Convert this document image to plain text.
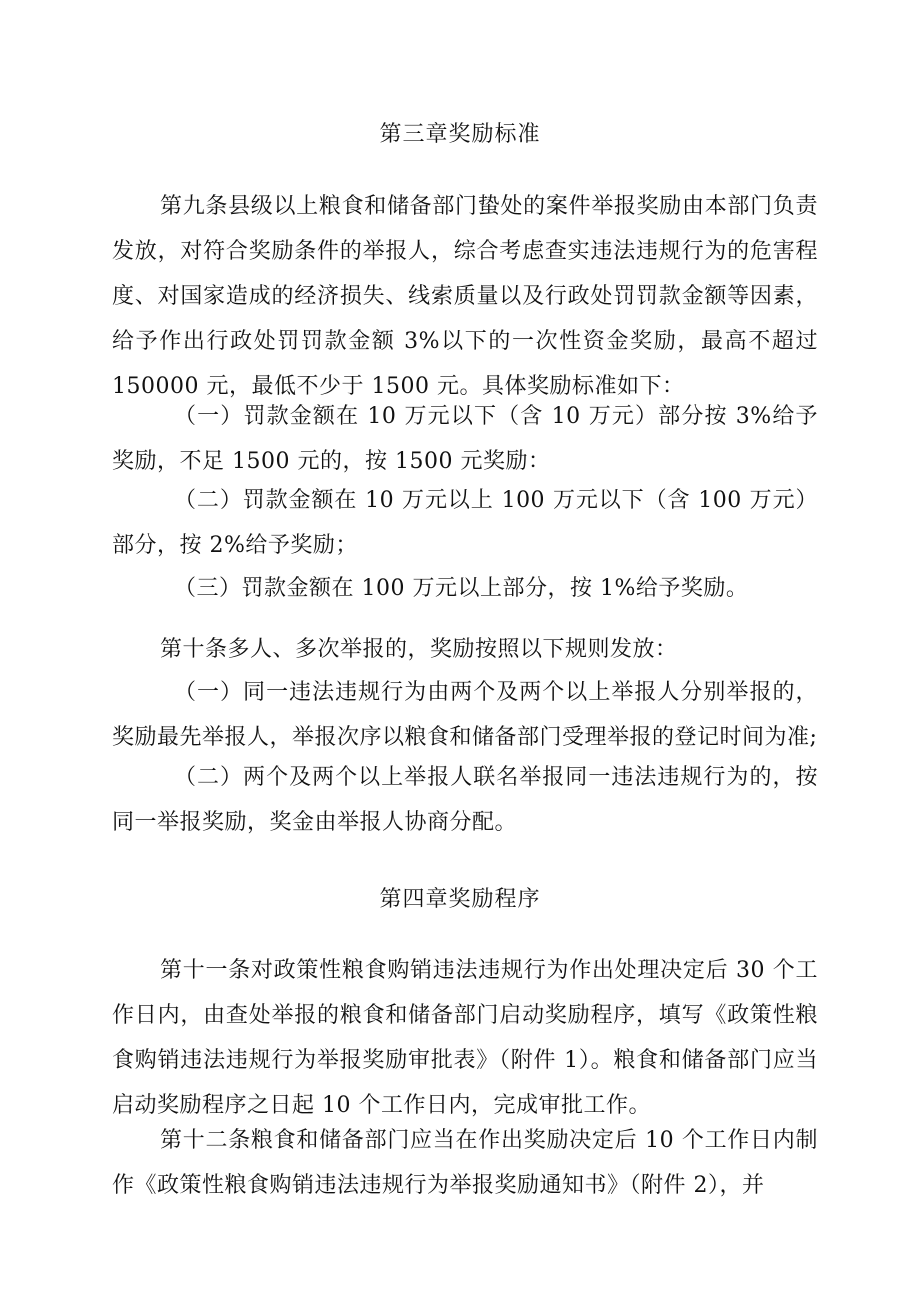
第三章奖励标准
第九条县级以上粮食和储备部门蛰处的案件举报奖励由本部门负责发放，对符合奖励条件的举报人，综合考虑查实违法违规行为的危害程度、对国家造成的经济损失、线索质量以及行政处罚罚款金额等因素，给予作出行政处罚罚款金额 3%以下的一次性资金奖励，最高不超过150000 元，最低不少于 1500 元。具体奖励标准如下：
（一）罚款金额在 10 万元以下（含 10 万元）部分按 3%给予奖励，不足 1500 元的，按 1500 元奖励：
（二）罚款金额在 10 万元以上 100 万元以下（含 100 万元）部分，按 2%给予奖励；
（三）罚款金额在 100 万元以上部分，按 1%给予奖励。
第十条多人、多次举报的，奖励按照以下规则发放：
（一）同一违法违规行为由两个及两个以上举报人分别举报的，奖励最先举报人，举报次序以粮食和储备部门受理举报的登记时间为准;
（二）两个及两个以上举报人联名举报同一违法违规行为的，按同一举报奖励，奖金由举报人协商分配。
第四章奖励程序
第十一条对政策性粮食购销违法违规行为作出处理决定后 30 个工作日内，由查处举报的粮食和储备部门启动奖励程序，填写《政策性粮食购销违法违规行为举报奖励审批表》（附件 1）。粮食和储备部门应当启动奖励程序之日起 10 个工作日内，完成审批工作。
第十二条粮食和储备部门应当在作出奖励决定后 10 个工作日内制作《政策性粮食购销违法违规行为举报奖励通知书》（附件 2），并
